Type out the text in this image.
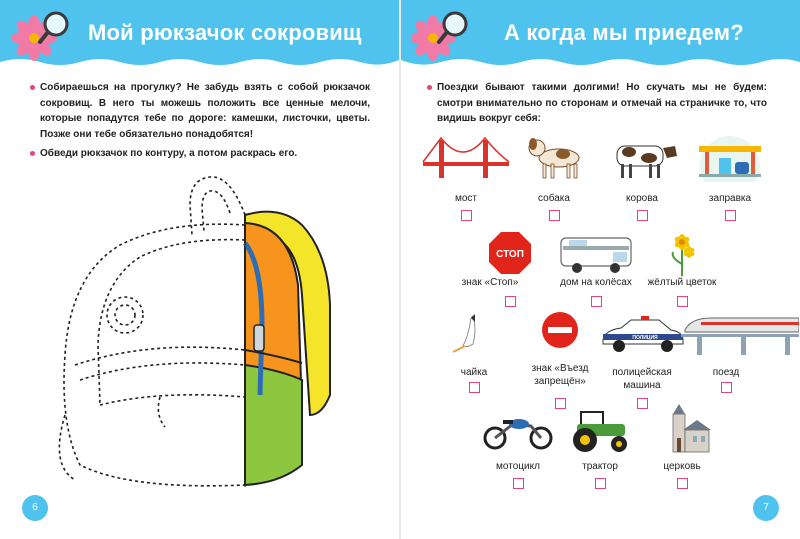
Мой рюкзачок сокровищ
Собираешься на прогулку? Не забудь взять с собой рюкзачок сокровищ. В него ты можешь положить все ценные мелочи, которые попадутся тебе по дороге: камешки, листочки, цветы. Позже они тебе обязательно понадобятся!
Обведи рюкзачок по контуру, а потом раскрась его.
6
А когда мы приедем?
Поездки бывают такими долгими! Но скучать мы не будем: смотри внимательно по сторонам и отмечай на страничке то, что видишь вокруг себя:
мост	собака	корова	заправка
СТОП
знак «Стоп»	дом на колёсах	жёлтый цветок
чайка	знак «Въезд запрещён»
ПОЛИЦИЯ
полицейская машина
поезд
мотоцикл	трактор	церковь
7
